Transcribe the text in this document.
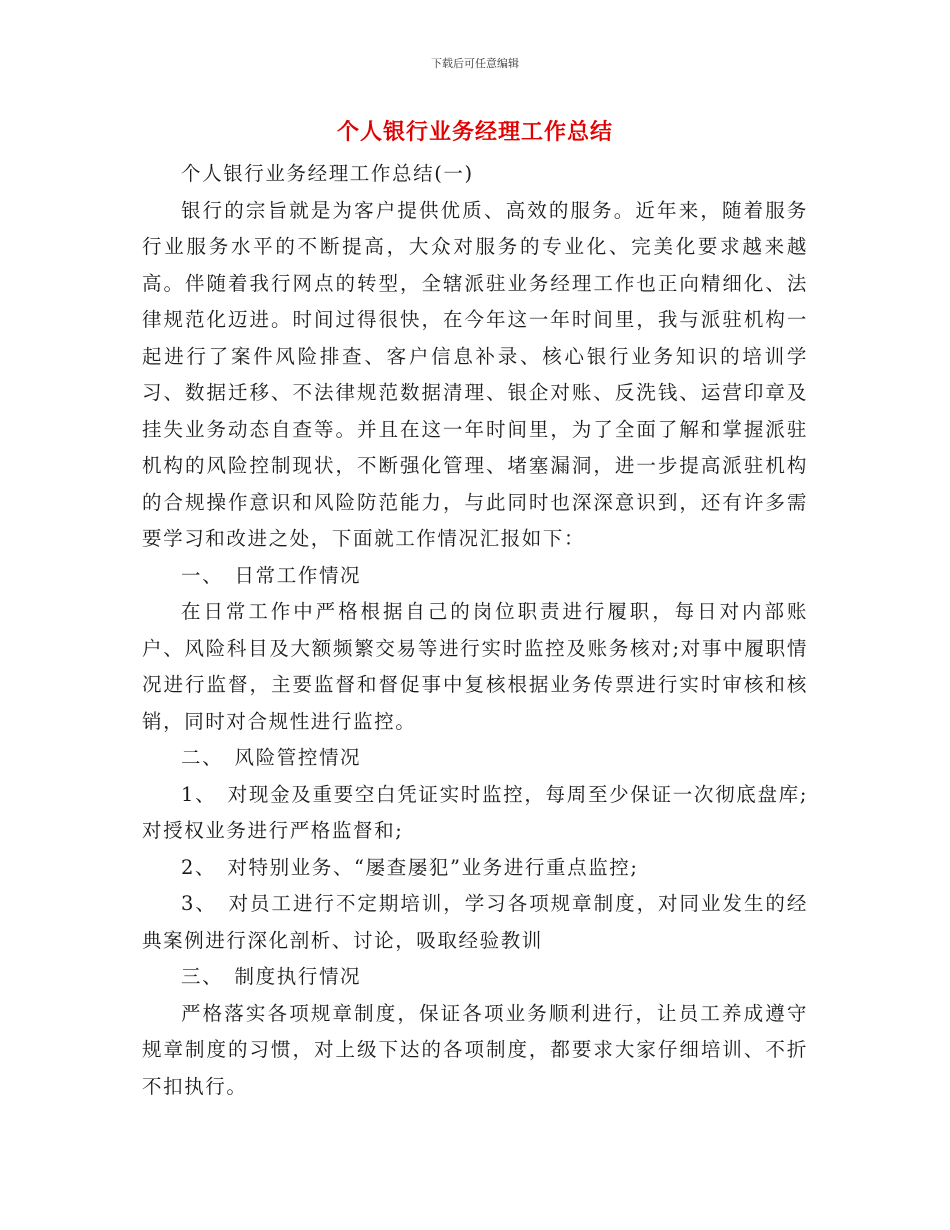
下载后可任意编辑
个人银行业务经理工作总结

个人银行业务经理工作总结(一)

银行的宗旨就是为客户提供优质、高效的服务。近年来，随着服务行业服务水平的不断提高，大众对服务的专业化、完美化要求越来越高。伴随着我行网点的转型，全辖派驻业务经理工作也正向精细化、法律规范化迈进。时间过得很快，在今年这一年时间里，我与派驻机构一起进行了案件风险排查、客户信息补录、核心银行业务知识的培训学习、数据迁移、不法律规范数据清理、银企对账、反洗钱、运营印章及挂失业务动态自查等。并且在这一年时间里，为了全面了解和掌握派驻机构的风险控制现状，不断强化管理、堵塞漏洞，进一步提高派驻机构的合规操作意识和风险防范能力，与此同时也深深意识到，还有许多需要学习和改进之处，下面就工作情况汇报如下：

一、　日常工作情况

在日常工作中严格根据自己的岗位职责进行履职，每日对内部账户、风险科目及大额频繁交易等进行实时监控及账务核对;对事中履职情况进行监督，主要监督和督促事中复核根据业务传票进行实时审核和核销，同时对合规性进行监控。

二、　风险管控情况

1、　对现金及重要空白凭证实时监控，每周至少保证一次彻底盘库;对授权业务进行严格监督和;

2、　对特别业务、“屡查屡犯”业务进行重点监控;

3、　对员工进行不定期培训，学习各项规章制度，对同业发生的经典案例进行深化剖析、讨论，吸取经验教训

三、　制度执行情况

严格落实各项规章制度，保证各项业务顺利进行，让员工养成遵守规章制度的习惯，对上级下达的各项制度，都要求大家仔细培训、不折不扣执行。
